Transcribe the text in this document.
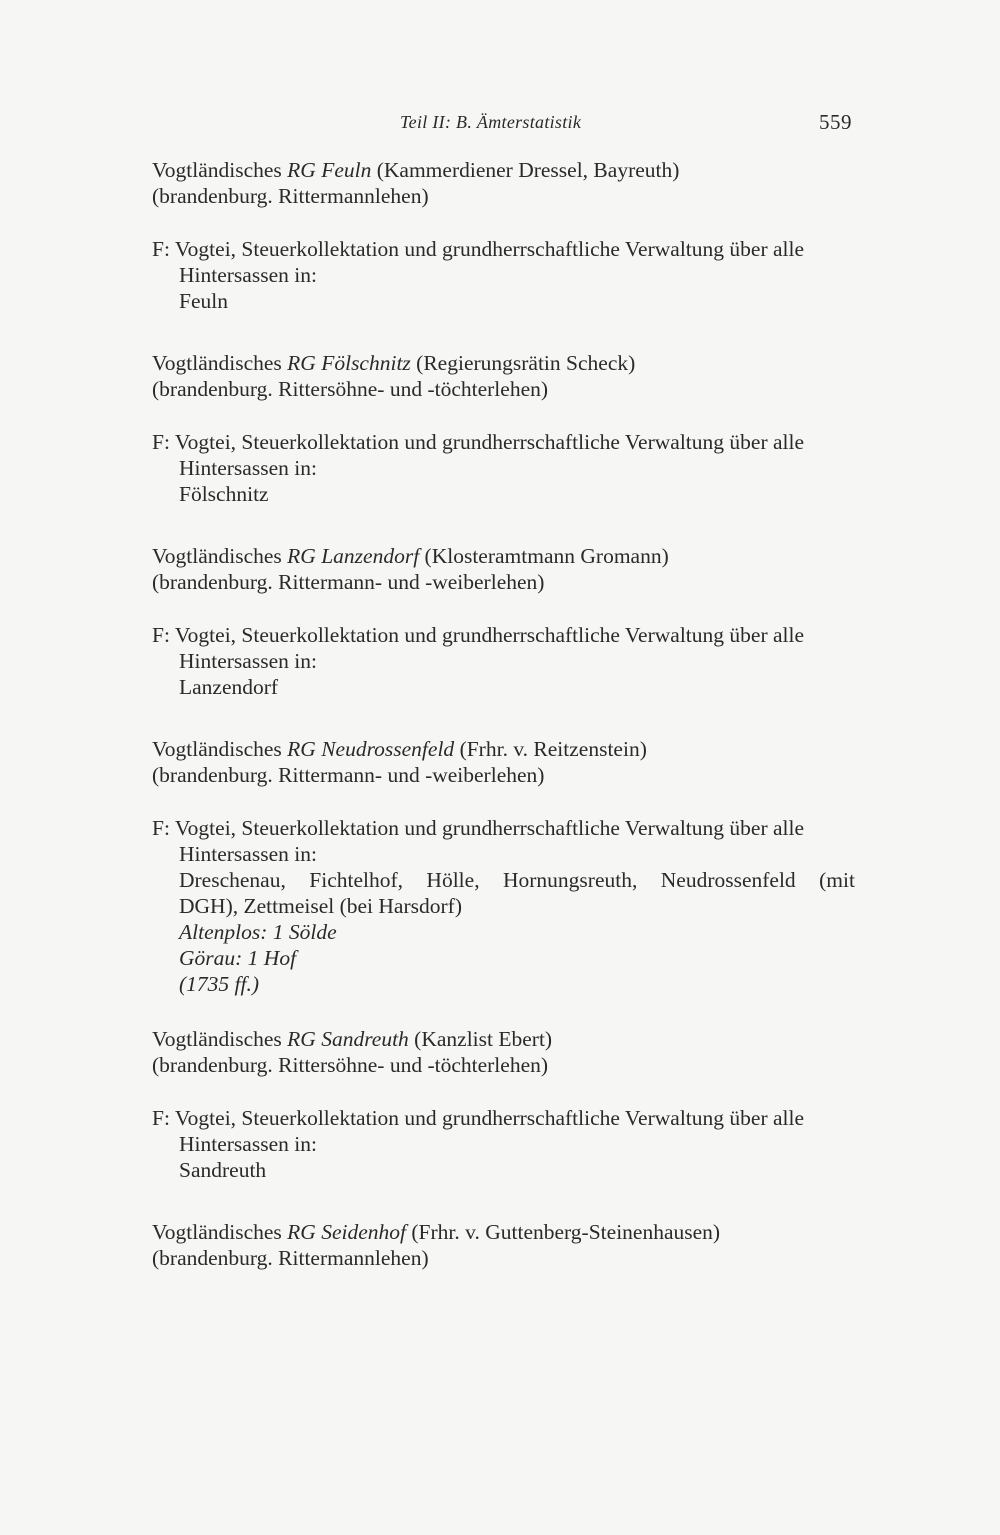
Teil II: B. Ämterstatistik	559
Vogtländisches RG Feuln (Kammerdiener Dressel, Bayreuth)
(brandenburg. Rittermannlehen)
F: Vogtei, Steuerkollektation und grundherrschaftliche Verwaltung über alle
Hintersassen in:
Feuln
Vogtländisches RG Fölschnitz (Regierungsrätin Scheck)
(brandenburg. Rittersöhne- und -töchterlehen)
F: Vogtei, Steuerkollektation und grundherrschaftliche Verwaltung über alle
Hintersassen in:
Fölschnitz
Vogtländisches RG Lanzendorf (Klosteramtmann Gromann)
(brandenburg. Rittermann- und -weiberlehen)
F: Vogtei, Steuerkollektation und grundherrschaftliche Verwaltung über alle
Hintersassen in:
Lanzendorf
Vogtländisches RG Neudrossenfeld (Frhr. v. Reitzenstein)
(brandenburg. Rittermann- und -weiberlehen)
F: Vogtei, Steuerkollektation und grundherrschaftliche Verwaltung über alle
Hintersassen in:
Dreschenau, Fichtelhof, Hölle, Hornungsreuth, Neudrossenfeld (mit
DGH), Zettmeisel (bei Harsdorf)
Altenplos: 1 Sölde
Görau: 1 Hof
(1735 ff.)
Vogtländisches RG Sandreuth (Kanzlist Ebert)
(brandenburg. Rittersöhne- und -töchterlehen)
F: Vogtei, Steuerkollektation und grundherrschaftliche Verwaltung über alle
Hintersassen in:
Sandreuth
Vogtländisches RG Seidenhof (Frhr. v. Guttenberg-Steinenhausen)
(brandenburg. Rittermannlehen)
